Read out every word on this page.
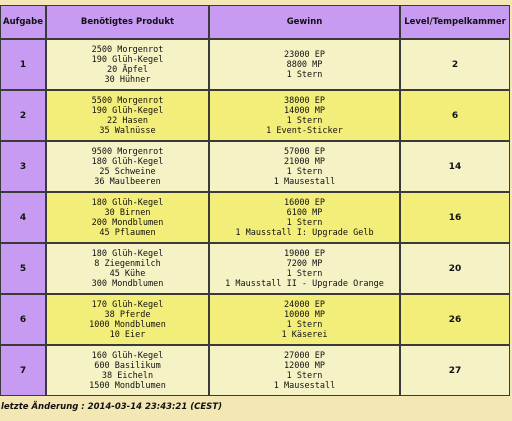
Aufgabe	Benötigtes Produkt	Gewinn	Level/Tempelkammer
1	2500 Morgenrot
190 Glüh-Kegel
20 Äpfel
30 Hühner	23000 EP
8800 MP
1 Stern	2
2	5500 Morgenrot
190 Glüh-Kegel
22 Hasen
35 Walnüsse	38000 EP
14000 MP
1 Stern
1 Event-Sticker	6
3	9500 Morgenrot
180 Glüh-Kegel
25 Schweine
36 Maulbeeren	57000 EP
21000 MP
1 Stern
1 Mausestall	14
4	180 Glüh-Kegel
30 Birnen
200 Mondblumen
45 Pflaumen	16000 EP
6100 MP
1 Stern
1 Mausstall I: Upgrade Gelb	16
5	180 Glüh-Kegel
8 Ziegenmilch
45 Kühe
300 Mondblumen	19000 EP
7200 MP
1 Stern
1 Mausstall II - Upgrade Orange	20
6	170 Glüh-Kegel
38 Pferde
1000 Mondblumen
10 Eier	24000 EP
10000 MP
1 Stern
1 Käserei	26
7	160 Glüh-Kegel
600 Basilikum
38 Eicheln
1500 Mondblumen	27000 EP
12000 MP
1 Stern
1 Mausestall	27
letzte Änderung : 2014-03-14 23:43:21 (CEST)
